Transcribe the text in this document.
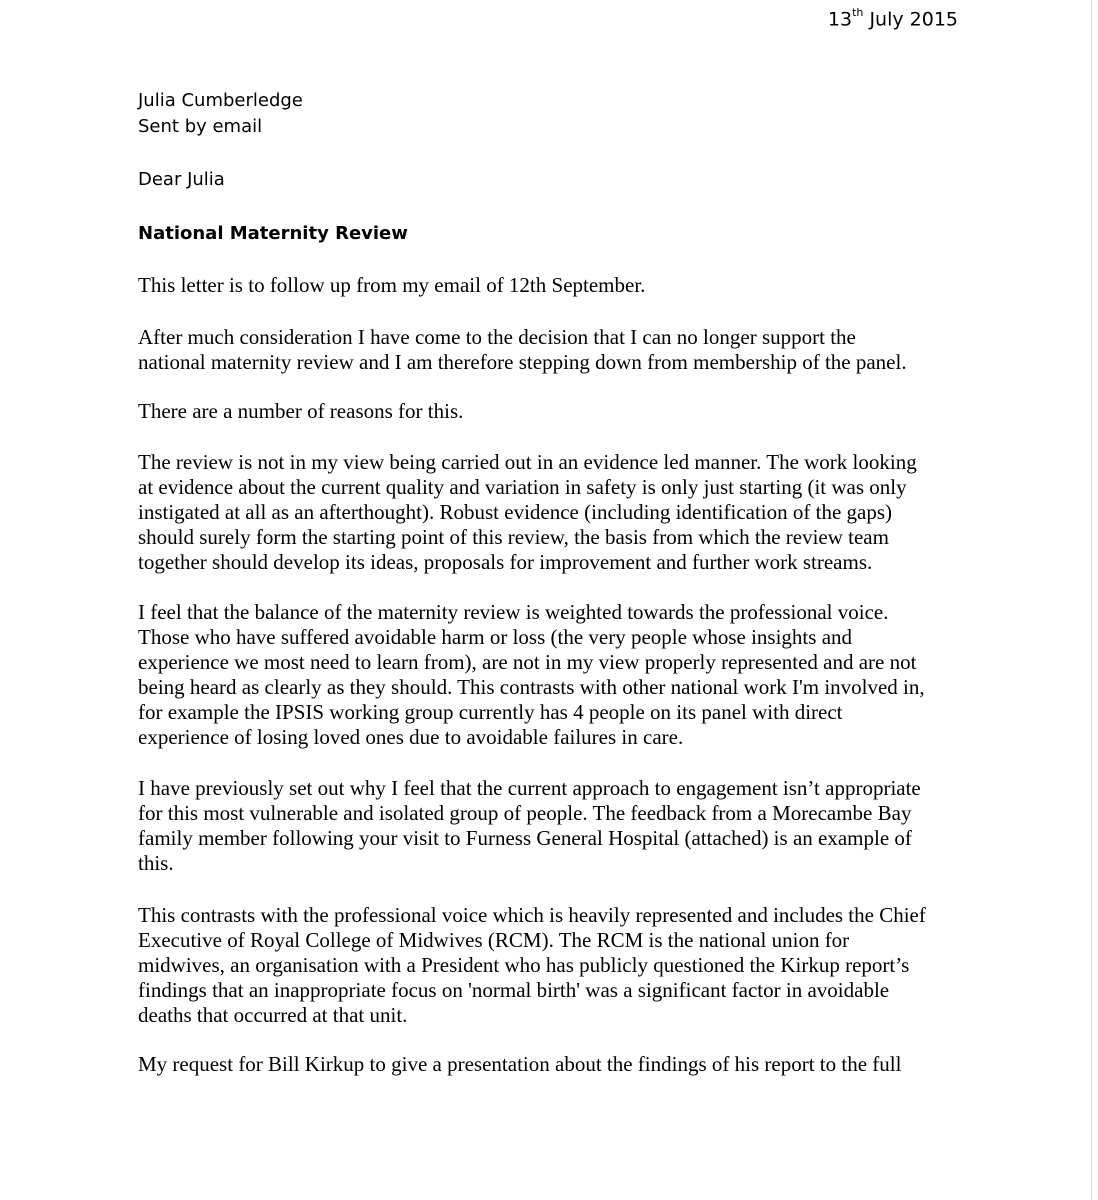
13th July 2015
Julia Cumberledge
Sent by email
Dear Julia
National Maternity Review
This letter is to follow up from my email of 12th September.
After much consideration I have come to the decision that I can no longer support the
national maternity review and I am therefore stepping down from membership of the panel.
There are a number of reasons for this.
The review is not in my view being carried out in an evidence led manner. The work looking
at evidence about the current quality and variation in safety is only just starting (it was only
instigated at all as an afterthought). Robust evidence (including identification of the gaps)
should surely form the starting point of this review, the basis from which the review team
together should develop its ideas, proposals for improvement and further work streams.
I feel that the balance of the maternity review is weighted towards the professional voice.
Those who have suffered avoidable harm or loss (the very people whose insights and
experience we most need to learn from), are not in my view properly represented and are not
being heard as clearly as they should. This contrasts with other national work I'm involved in,
for example the IPSIS working group currently has 4 people on its panel with direct
experience of losing loved ones due to avoidable failures in care.
I have previously set out why I feel that the current approach to engagement isn’t appropriate
for this most vulnerable and isolated group of people. The feedback from a Morecambe Bay
family member following your visit to Furness General Hospital (attached) is an example of
this.
This contrasts with the professional voice which is heavily represented and includes the Chief
Executive of Royal College of Midwives (RCM). The RCM is the national union for
midwives, an organisation with a President who has publicly questioned the Kirkup report’s
findings that an inappropriate focus on 'normal birth' was a significant factor in avoidable
deaths that occurred at that unit.
My request for Bill Kirkup to give a presentation about the findings of his report to the full
